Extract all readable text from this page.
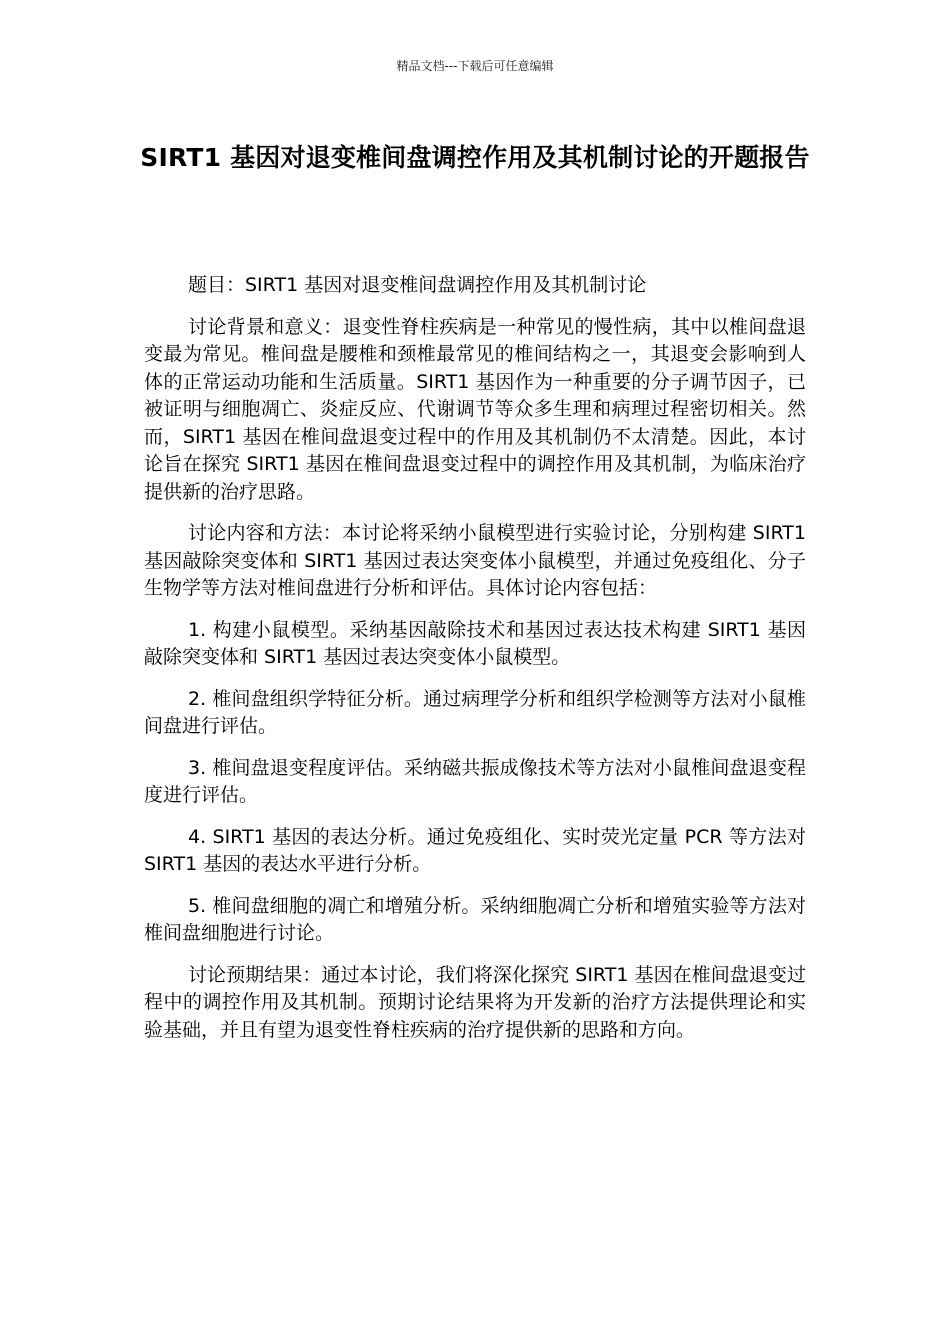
精品文档---下载后可任意编辑
SIRT1 基因对退变椎间盘调控作用及其机制讨论的开题报告

题目：SIRT1 基因对退变椎间盘调控作用及其机制讨论

讨论背景和意义：退变性脊柱疾病是一种常见的慢性病，其中以椎间盘退变最为常见。椎间盘是腰椎和颈椎最常见的椎间结构之一，其退变会影响到人体的正常运动功能和生活质量。SIRT1 基因作为一种重要的分子调节因子，已被证明与细胞凋亡、炎症反应、代谢调节等众多生理和病理过程密切相关。然而，SIRT1 基因在椎间盘退变过程中的作用及其机制仍不太清楚。因此，本讨论旨在探究 SIRT1 基因在椎间盘退变过程中的调控作用及其机制，为临床治疗提供新的治疗思路。

讨论内容和方法：本讨论将采纳小鼠模型进行实验讨论，分别构建 SIRT1 基因敲除突变体和 SIRT1 基因过表达突变体小鼠模型，并通过免疫组化、分子生物学等方法对椎间盘进行分析和评估。具体讨论内容包括：

1. 构建小鼠模型。采纳基因敲除技术和基因过表达技术构建 SIRT1 基因敲除突变体和 SIRT1 基因过表达突变体小鼠模型。

2. 椎间盘组织学特征分析。通过病理学分析和组织学检测等方法对小鼠椎间盘进行评估。

3. 椎间盘退变程度评估。采纳磁共振成像技术等方法对小鼠椎间盘退变程度进行评估。

4. SIRT1 基因的表达分析。通过免疫组化、实时荧光定量 PCR 等方法对 SIRT1 基因的表达水平进行分析。

5. 椎间盘细胞的凋亡和增殖分析。采纳细胞凋亡分析和增殖实验等方法对椎间盘细胞进行讨论。

讨论预期结果：通过本讨论，我们将深化探究 SIRT1 基因在椎间盘退变过程中的调控作用及其机制。预期讨论结果将为开发新的治疗方法提供理论和实验基础，并且有望为退变性脊柱疾病的治疗提供新的思路和方向。
